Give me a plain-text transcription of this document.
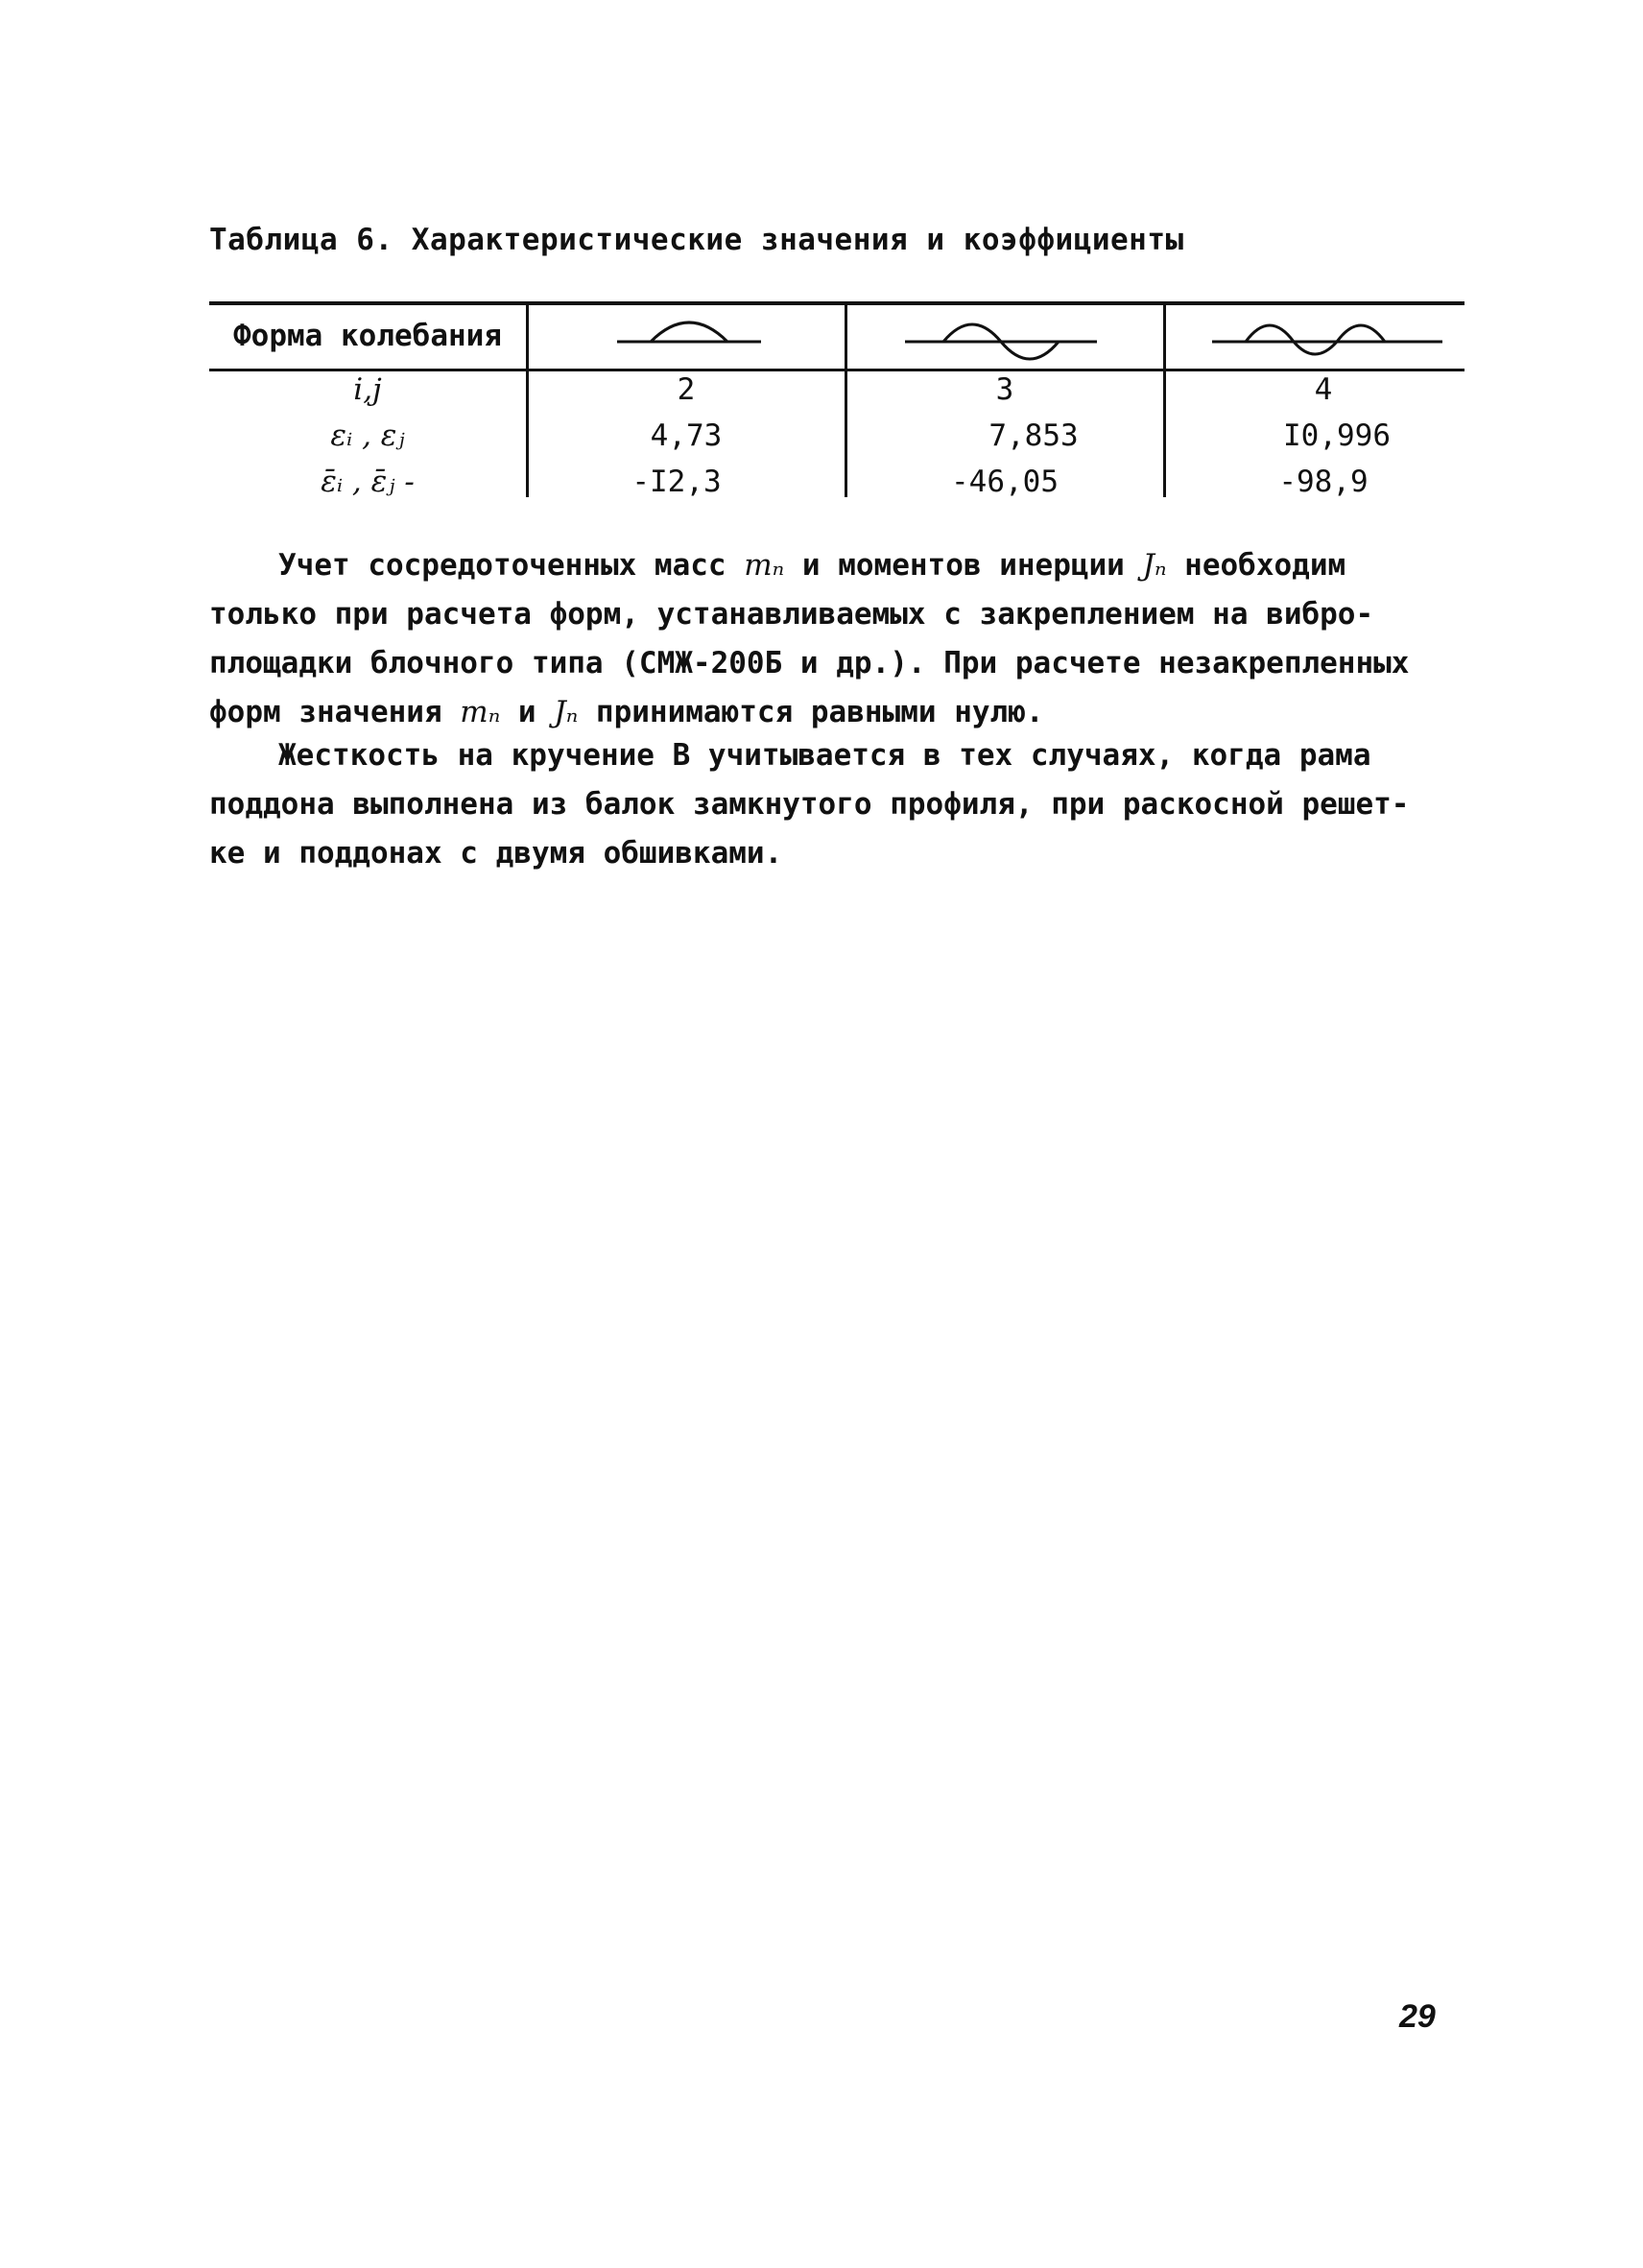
Таблица 6. Характеристические значения и коэффициенты
Форма колебания
i,j	2	3	4
εᵢ , εⱼ	4,73	7,853	I0,996
ε̄ᵢ , ε̄ⱼ -	-I2,3	-46,05	-98,9
Учет сосредоточенных масс mₙ и моментов инерции Jₙ необходим
только при расчета форм, устанавливаемых с закреплением на вибро-
площадки блочного типа (СМЖ-200Б и др.). При расчете незакрепленных
форм значения mₙ и Jₙ принимаются равными нулю.
Жесткость на кручение В учитывается в тех случаях, когда рама
поддона выполнена из балок замкнутого профиля, при раскосной решет-
ке и поддонах с двумя обшивками.
29
